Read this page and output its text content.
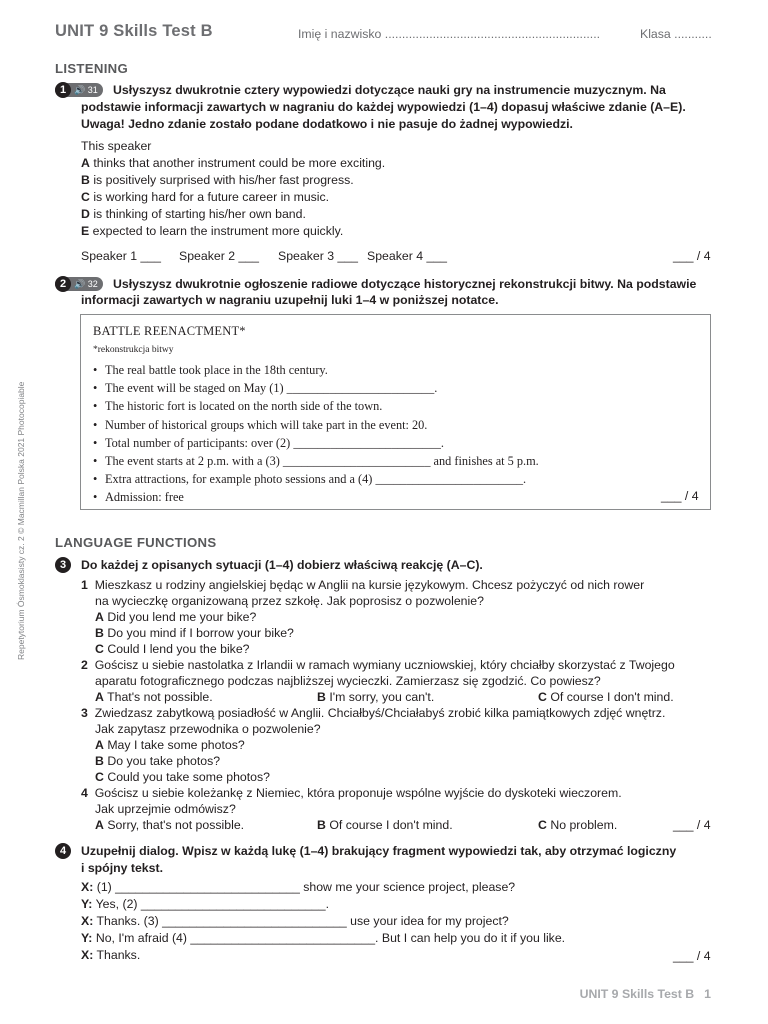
UNIT 9 Skills Test B	Imię i nazwisko ...............................................................	Klasa ...........
LISTENING
1 🔊 31	Usłyszysz dwukrotnie cztery wypowiedzi dotyczące nauki gry na instrumencie muzycznym. Na
podstawie informacji zawartych w nagraniu do każdej wypowiedzi (1–4) dopasuj właściwe zdanie (A–E).
Uwaga! Jedno zdanie zostało podane dodatkowo i nie pasuje do żadnej wypowiedzi.
This speaker
A thinks that another instrument could be more exciting.
B is positively surprised with his/her fast progress.
C is working hard for a future career in music.
D is thinking of starting his/her own band.
E expected to learn the instrument more quickly.
Speaker 1 ___ Speaker 2 ___ Speaker 3 ___ Speaker 4 ___	___ / 4
2 🔊 32	Usłyszysz dwukrotnie ogłoszenie radiowe dotyczące historycznej rekonstrukcji bitwy. Na podstawie
informacji zawartych w nagraniu uzupełnij luki 1–4 w poniższej notatce.
BATTLE REENACTMENT*
*rekonstrukcja bitwy
• The real battle took place in the 18th century.
• The event will be staged on May (1) ________________________.
• The historic fort is located on the north side of the town.
• Number of historical groups which will take part in the event: 20.
• Total number of participants: over (2) ________________________.
• The event starts at 2 p.m. with a (3) ________________________ and finishes at 5 p.m.
• Extra attractions, for example photo sessions and a (4) ________________________.
• Admission: free	___ / 4
LANGUAGE FUNCTIONS
3	Do każdej z opisanych sytuacji (1–4) dobierz właściwą reakcję (A–C).
1 Mieszkasz u rodziny angielskiej będąc w Anglii na kursie językowym. Chcesz pożyczyć od nich rower
na wycieczkę organizowaną przez szkołę. Jak poprosisz o pozwolenie?
A Did you lend me your bike?
B Do you mind if I borrow your bike?
C Could I lend you the bike?
2 Gościsz u siebie nastolatka z Irlandii w ramach wymiany uczniowskiej, który chciałby skorzystać z Twojego
aparatu fotograficznego podczas najbliższej wycieczki. Zamierzasz się zgodzić. Co powiesz?
A That's not possible.	B I'm sorry, you can't.	C Of course I don't mind.
3 Zwiedzasz zabytkową posiadłość w Anglii. Chciałbyś/Chciałabyś zrobić kilka pamiątkowych zdjęć wnętrz.
Jak zapytasz przewodnika o pozwolenie?
A May I take some photos?
B Do you take photos?
C Could you take some photos?
4 Gościsz u siebie koleżankę z Niemiec, która proponuje wspólne wyjście do dyskoteki wieczorem.
Jak uprzejmie odmówisz?
A Sorry, that's not possible.	B Of course I don't mind.	C No problem.	___ / 4
4	Uzupełnij dialog. Wpisz w każdą lukę (1–4) brakujący fragment wypowiedzi tak, aby otrzymać logiczny
i spójny tekst.
X: (1) ___________________________ show me your science project, please?
Y: Yes, (2) ___________________________.
X: Thanks. (3) ___________________________ use your idea for my project?
Y: No, I'm afraid (4) ___________________________. But I can help you do it if you like.
X: Thanks.	___ / 4
Repetytorium Ósmoklasisty cz. 2 © Macmillan Polska 2021 Photocopiable
UNIT 9 Skills Test B 1
